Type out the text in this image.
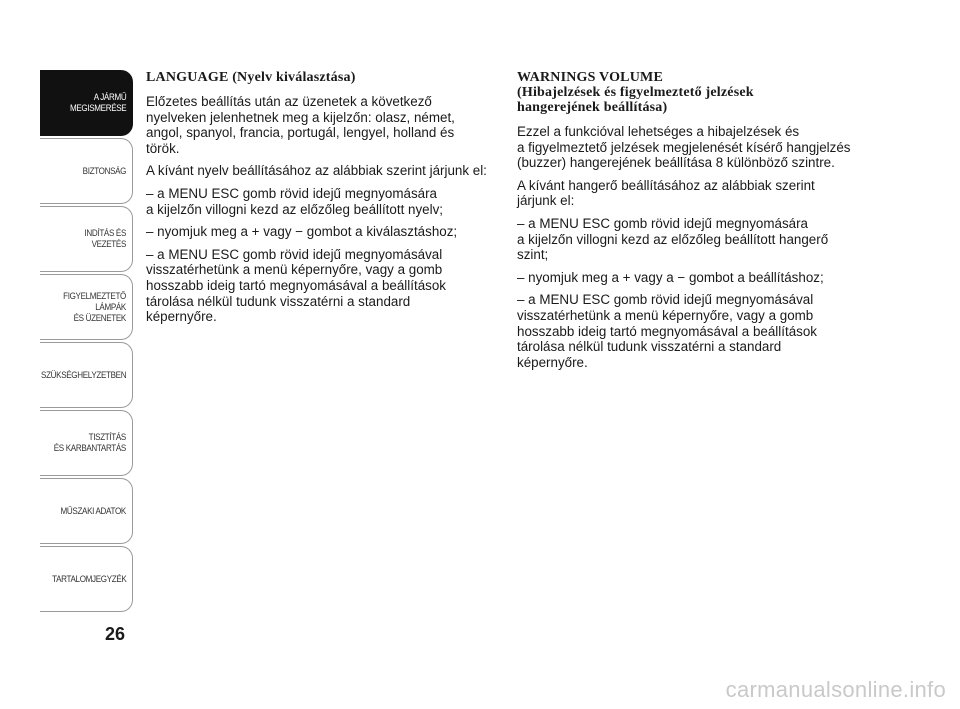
A JÁRMŰ
MEGISMERÉSE
BIZTONSÁG
INDÍTÁS ÉS VEZETÉS
FIGYELMEZTETŐ
LÁMPÁK
ÉS ÜZENETEK
SZÜKSÉGHELYZETBEN
TISZTÍTÁS
ÉS KARBANTARTÁS
MŰSZAKI ADATOK
TARTALOMJEGYZÉK
26
LANGUAGE (Nyelv kiválasztása)

Előzetes beállítás után az üzenetek a következő
nyelveken jelenhetnek meg a kijelzőn: olasz, német,
angol, spanyol, francia, portugál, lengyel, holland és
török.

A kívánt nyelv beállításához az alábbiak szerint járjunk el:

– a MENU ESC gomb rövid idejű megnyomására
a kijelzőn villogni kezd az előzőleg beállított nyelv;

– nyomjuk meg a + vagy − gombot a kiválasztáshoz;

– a MENU ESC gomb rövid idejű megnyomásával
visszatérhetünk a menü képernyőre, vagy a gomb
hosszabb ideig tartó megnyomásával a beállítások
tárolása nélkül tudunk visszatérni a standard
képernyőre.

WARNINGS VOLUME
(Hibajelzések és figyelmeztető jelzések
hangerejének beállítása)

Ezzel a funkcióval lehetséges a hibajelzések és
a figyelmeztető jelzések megjelenését kísérő hangjelzés
(buzzer) hangerejének beállítása 8 különböző szintre.

A kívánt hangerő beállításához az alábbiak szerint
járjunk el:

– a MENU ESC gomb rövid idejű megnyomására
a kijelzőn villogni kezd az előzőleg beállított hangerő
szint;

– nyomjuk meg a + vagy a − gombot a beállításhoz;

– a MENU ESC gomb rövid idejű megnyomásával
visszatérhetünk a menü képernyőre, vagy a gomb
hosszabb ideig tartó megnyomásával a beállítások
tárolása nélkül tudunk visszatérni a standard
képernyőre.

carmanualsonline.info
